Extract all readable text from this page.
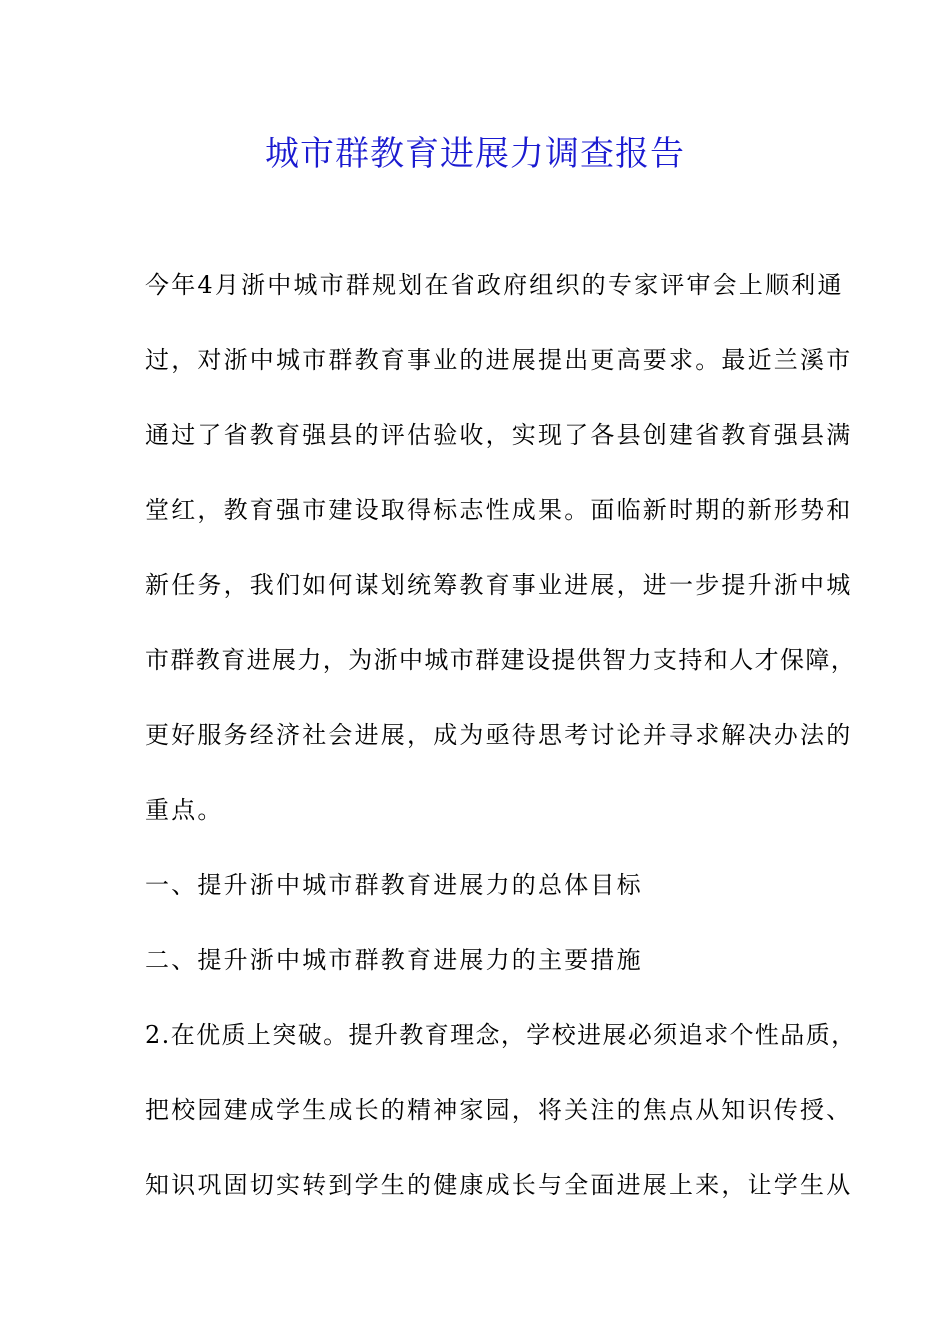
城市群教育进展力调查报告
今年4月浙中城市群规划在省政府组织的专家评审会上顺利通
过，对浙中城市群教育事业的进展提出更高要求。最近兰溪市
通过了省教育强县的评估验收，实现了各县创建省教育强县满
堂红，教育强市建设取得标志性成果。面临新时期的新形势和
新任务，我们如何谋划统筹教育事业进展，进一步提升浙中城
市群教育进展力，为浙中城市群建设提供智力支持和人才保障，
更好服务经济社会进展，成为亟待思考讨论并寻求解决办法的
重点。
一、提升浙中城市群教育进展力的总体目标
二、提升浙中城市群教育进展力的主要措施
2.在优质上突破。提升教育理念，学校进展必须追求个性品质，
把校园建成学生成长的精神家园，将关注的焦点从知识传授、
知识巩固切实转到学生的健康成长与全面进展上来，让学生从
